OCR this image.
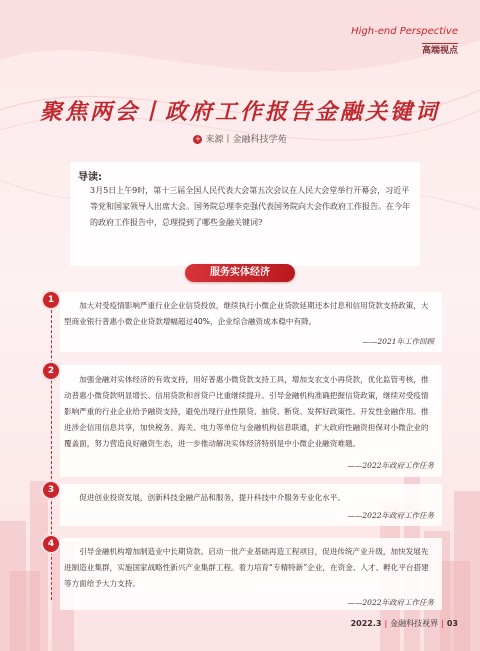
High-end Perspective
高端视点
聚焦两会丨政府工作报告金融关键词
+ 来源丨金融科技学苑
导读:
3月5日上午9时，第十三届全国人民代表大会第五次会议在人民大会堂举行开幕会，习近平等党和国家领导人出席大会。国务院总理李克强代表国务院向大会作政府工作报告。在今年的政府工作报告中，总理提到了哪些金融关键词?
服务实体经济
1
加大对受疫情影响严重行业企业信贷投放，继续执行小微企业贷款延期还本付息和信用贷款支持政策，大型商业银行普惠小微企业贷款增幅超过40%，企业综合融资成本稳中有降。
——2021年工作回顾
2
加强金融对实体经济的有效支持，用好普惠小微贷款支持工具，增加支农支小再贷款，优化监管考核，推动普惠小微贷款明显增长、信用贷款和首贷户比重继续提升。引导金融机构准确把握信贷政策，继续对受疫情影响严重的行业企业给予融资支持，避免出现行业性限贷、抽贷、断贷。发挥好政策性、开发性金融作用。推进涉企信用信息共享，加快税务、海关、电力等单位与金融机构信息联通，扩大政府性融资担保对小微企业的覆盖面，努力营造良好融资生态，进一步推动解决实体经济特别是中小微企业融资难题。
——2022年政府工作任务
3
促进创业投资发展，创新科技金融产品和服务，提升科技中介服务专业化水平。
——2022年政府工作任务
4
引导金融机构增加制造业中长期贷款。启动一批产业基础再造工程项目，促进传统产业升级，加快发展先进制造业集群，实施国家战略性新兴产业集群工程。着力培育“专精特新”企业，在资金、人才、孵化平台搭建等方面给予大力支持。
——2022年政府工作任务
2022.3 | 金融科技视界 | 03
